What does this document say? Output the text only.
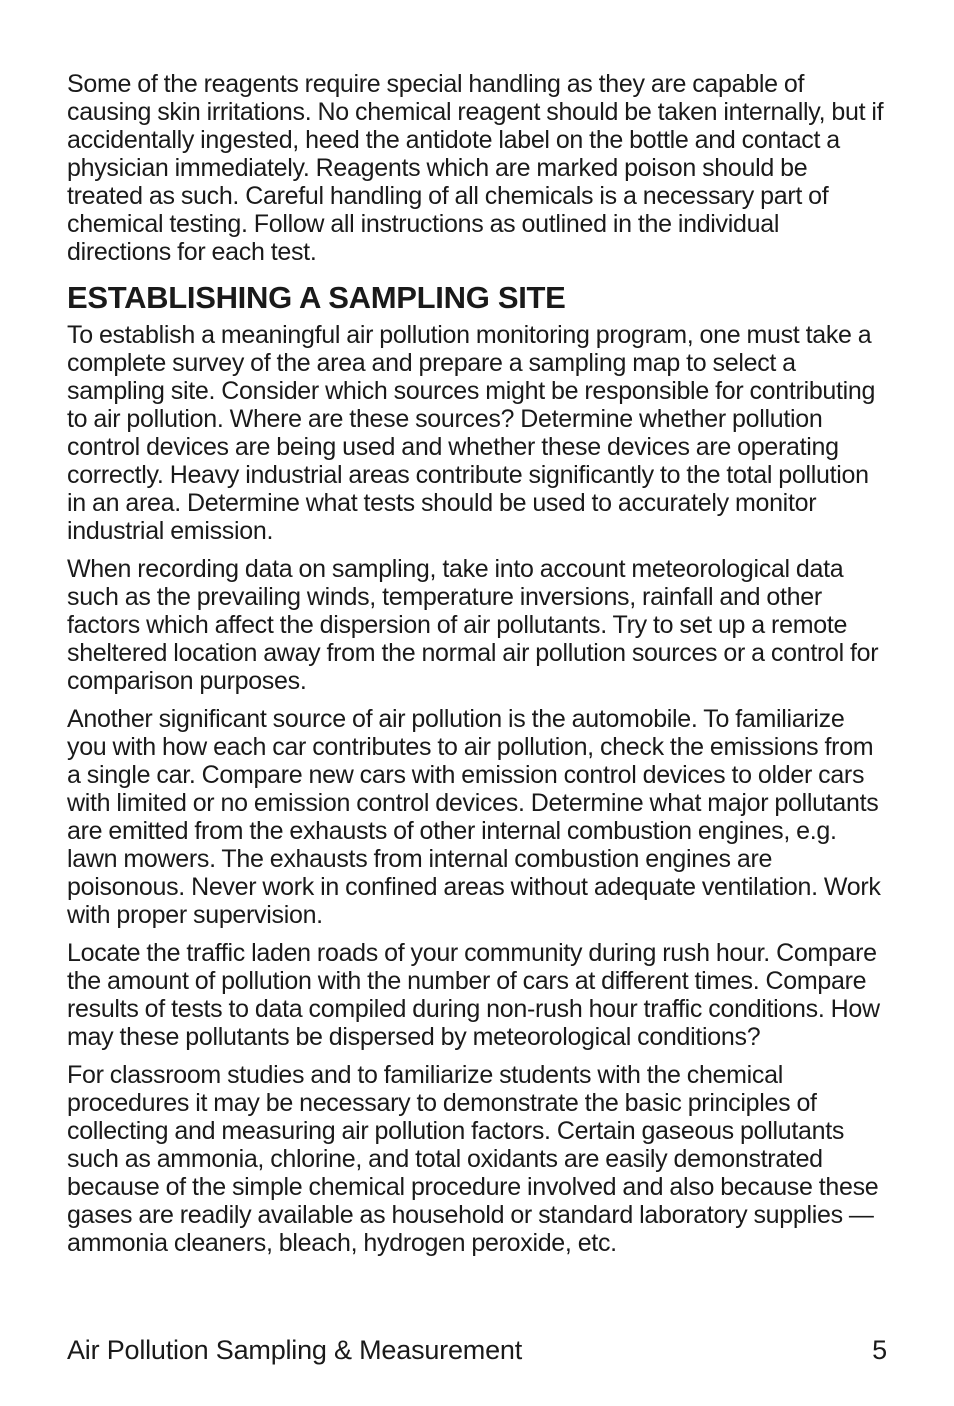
Some of the reagents require special handling as they are capable of causing skin irritations. No chemical reagent should be taken internally, but if accidentally ingested, heed the antidote label on the bottle and contact a physician immediately. Reagents which are marked poison should be treated as such. Careful handling of all chemicals is a necessary part of chemical testing. Follow all instructions as outlined in the individual directions for each test.

ESTABLISHING A SAMPLING SITE

To establish a meaningful air pollution monitoring program, one must take a complete survey of the area and prepare a sampling map to select a sampling site. Consider which sources might be responsible for contributing to air pollution. Where are these sources? Determine whether pollution control devices are being used and whether these devices are operating correctly. Heavy industrial areas contribute significantly to the total pollution in an area. Determine what tests should be used to accurately monitor industrial emission.

When recording data on sampling, take into account meteorological data such as the prevailing winds, temperature inversions, rainfall and other factors which affect the dispersion of air pollutants. Try to set up a remote sheltered location away from the normal air pollution sources or a control for comparison purposes.

Another significant source of air pollution is the automobile. To familiarize you with how each car contributes to air pollution, check the emissions from a single car. Compare new cars with emission control devices to older cars with limited or no emission control devices. Determine what major pollutants are emitted from the exhausts of other internal combustion engines, e.g. lawn mowers. The exhausts from internal combustion engines are poisonous. Never work in confined areas without adequate ventilation. Work with proper supervision.

Locate the traffic laden roads of your community during rush hour. Compare the amount of pollution with the number of cars at different times. Compare results of tests to data compiled during non-rush hour traffic conditions. How may these pollutants be dispersed by meteorological conditions?

For classroom studies and to familiarize students with the chemical procedures it may be necessary to demonstrate the basic principles of collecting and measuring air pollution factors. Certain gaseous pollutants such as ammonia, chlorine, and total oxidants are easily demonstrated because of the simple chemical procedure involved and also because these gases are readily available as household or standard laboratory supplies — ammonia cleaners, bleach, hydrogen peroxide, etc.

Air Pollution Sampling & Measurement	5
